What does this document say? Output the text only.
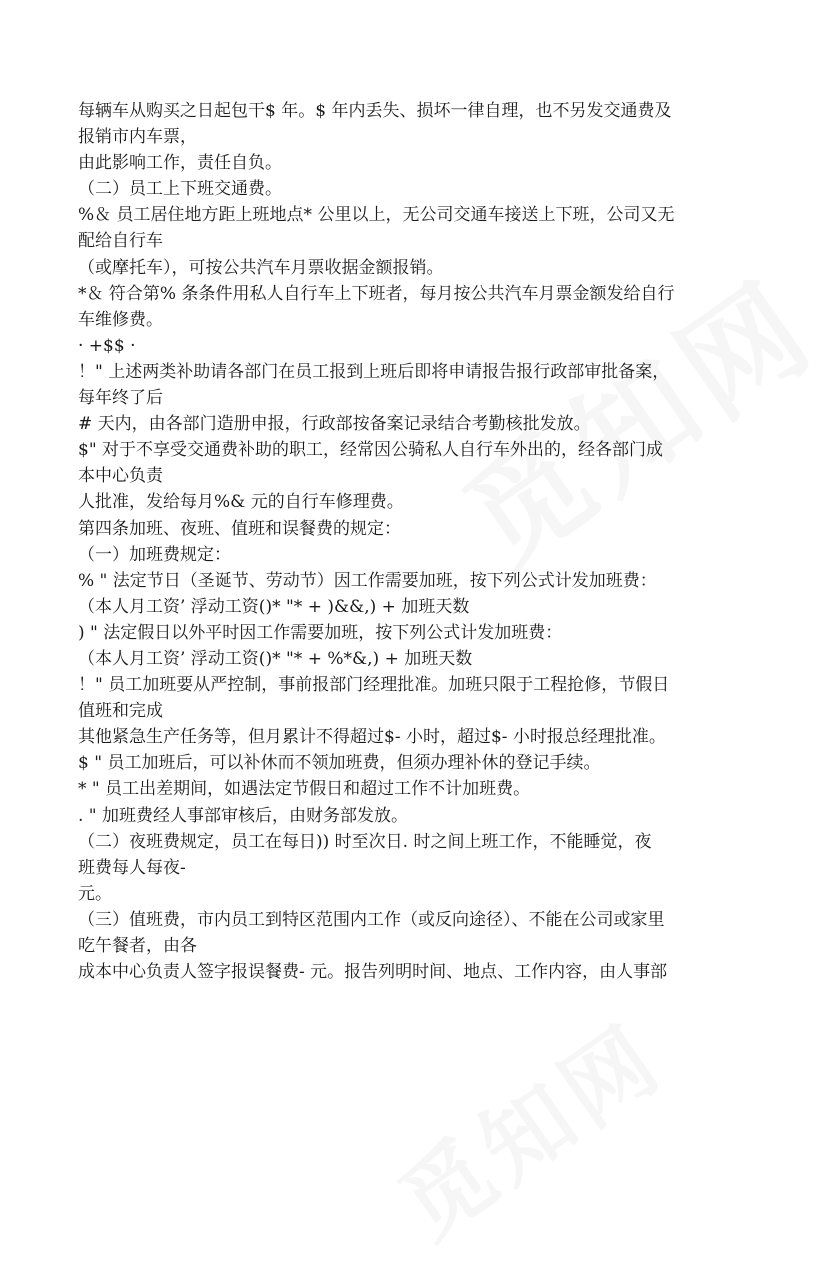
每辆车从购买之日起包干$ 年。$ 年内丢失、损坏一律自理，也不另发交通费及
报销市内车票，
由此影响工作，责任自负。
（二）员工上下班交通费。
%＆ 员工居住地方距上班地点* 公里以上，无公司交通车接送上下班，公司又无
配给自行车
（或摩托车），可按公共汽车月票收据金额报销。
*＆ 符合第% 条条件用私人自行车上下班者，每月按公共汽车月票金额发给自行
车维修费。
· +$$ ·
！" 上述两类补助请各部门在员工报到上班后即将申请报告报行政部审批备案，
每年终了后
# 天内，由各部门造册申报，行政部按备案记录结合考勤核批发放。
$" 对于不享受交通费补助的职工，经常因公骑私人自行车外出的，经各部门成
本中心负责
人批准，发给每月%& 元的自行车修理费。
第四条加班、夜班、值班和误餐费的规定：
（一）加班费规定：
% " 法定节日（圣诞节、劳动节）因工作需要加班，按下列公式计发加班费：
（本人月工资’ 浮动工资()* "* + )&&,) + 加班天数
) " 法定假日以外平时因工作需要加班，按下列公式计发加班费：
（本人月工资’ 浮动工资()* "* + %*&,) + 加班天数
！" 员工加班要从严控制，事前报部门经理批准。加班只限于工程抢修，节假日
值班和完成
其他紧急生产任务等，但月累计不得超过$- 小时，超过$- 小时报总经理批准。
$ " 员工加班后，可以补休而不领加班费，但须办理补休的登记手续。
* " 员工出差期间，如遇法定节假日和超过工作不计加班费。
. " 加班费经人事部审核后，由财务部发放。
（二）夜班费规定，员工在每日)) 时至次日. 时之间上班工作，不能睡觉，夜
班费每人每夜-
元。
（三）值班费，市内员工到特区范围内工作（或反向途径）、不能在公司或家里
吃午餐者，由各
成本中心负责人签字报误餐费- 元。报告列明时间、地点、工作内容，由人事部
